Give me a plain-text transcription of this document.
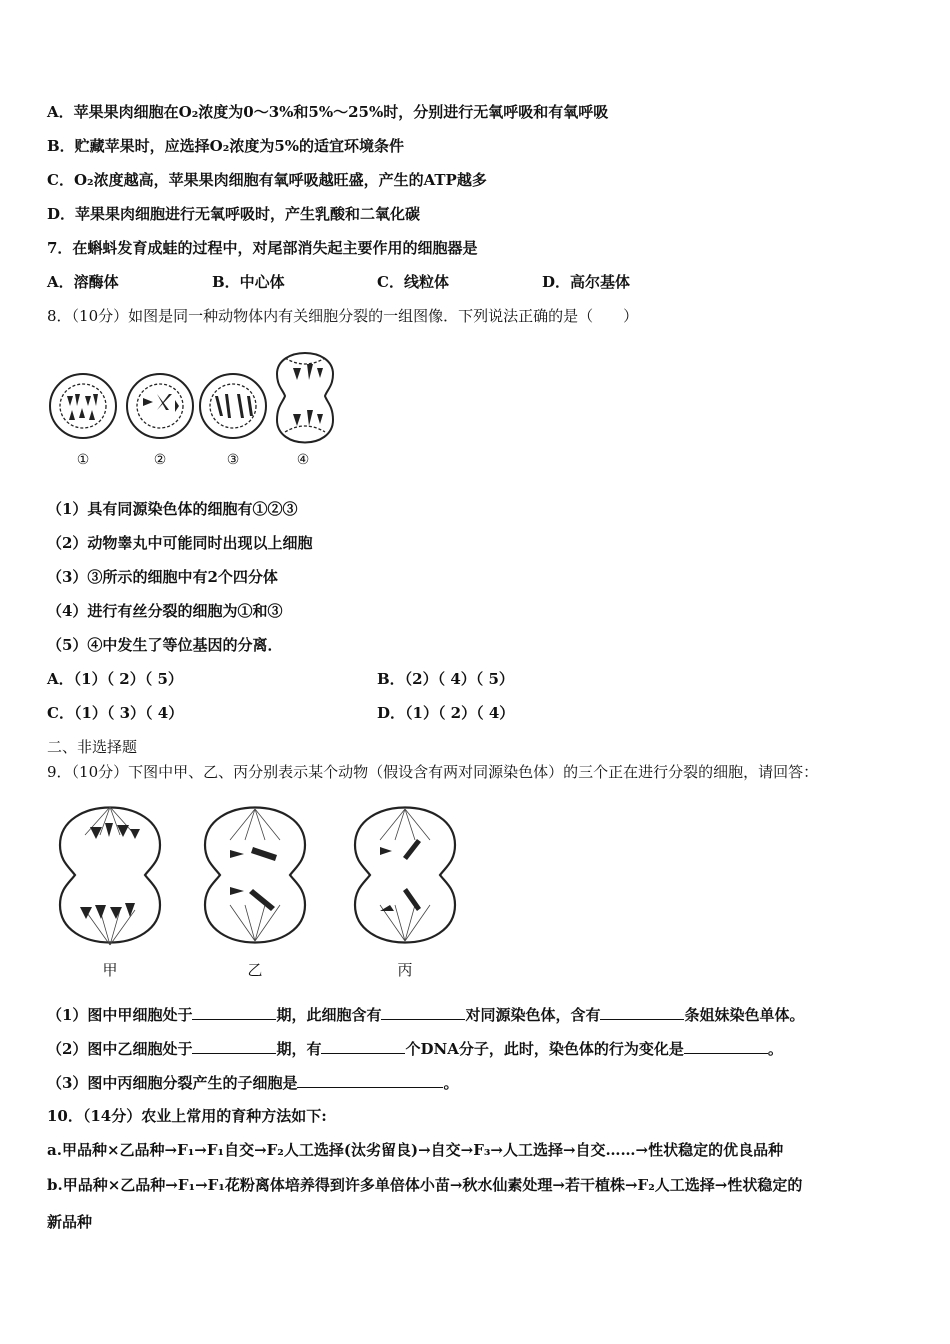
A．苹果果肉细胞在O₂浓度为0～3%和5%～25%时，分别进行无氧呼吸和有氧呼吸
B．贮藏苹果时，应选择O₂浓度为5%的适宜环境条件
C．O₂浓度越高，苹果果肉细胞有氧呼吸越旺盛，产生的ATP越多
D．苹果果肉细胞进行无氧呼吸时，产生乳酸和二氧化碳
7．在蝌蚪发育成蛙的过程中，对尾部消失起主要作用的细胞器是
A．溶酶体	B．中心体	C．线粒体	D．高尔基体
8．（10分）如图是同一种动物体内有关细胞分裂的一组图像．下列说法正确的是（　　）
①	②	③	④
（1）具有同源染色体的细胞有①②③
（2）动物睾丸中可能同时出现以上细胞
（3）③所示的细胞中有2个四分体
（4）进行有丝分裂的细胞为①和③
（5）④中发生了等位基因的分离．
A．（1）（ 2）（ 5）	B．（2）（ 4）（ 5）
C．（1）（ 3）（ 4）	D．（1）（ 2）（ 4）
二、非选择题
9．（10分）下图中甲、乙、丙分别表示某个动物（假设含有两对同源染色体）的三个正在进行分裂的细胞，请回答：
甲	乙	丙
（1）图中甲细胞处于	期，此细胞含有	对同源染色体，含有	条姐妹染色单体。
（2）图中乙细胞处于	期，有	个DNA分子，此时，染色体的行为变化是	。
（3）图中丙细胞分裂产生的子细胞是	。
10．（14分）农业上常用的育种方法如下:
a.甲品种×乙品种→F₁→F₁自交→F₂人工选择(汰劣留良)→自交→F₃→人工选择→自交……→性状稳定的优良品种
b.甲品种×乙品种→F₁→F₁花粉离体培养得到许多单倍体小苗→秋水仙素处理→若干植株→F₂人工选择→性状稳定的
新品种
